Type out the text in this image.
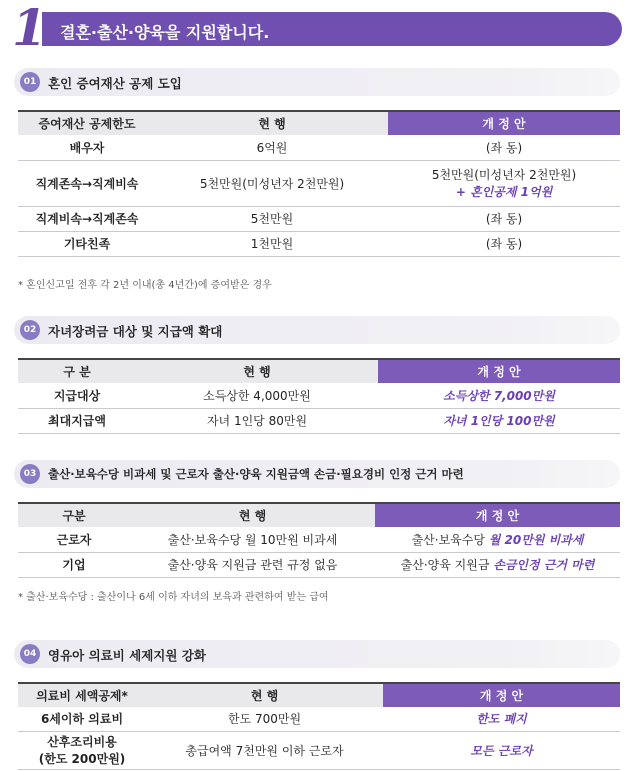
1 결혼·출산·양육을 지원합니다.
01 혼인 증여재산 공제 도입
증여재산 공제한도	현 행	개 정 안
배우자	6억원	(좌 동)
직계존속→직계비속	5천만원(미성년자 2천만원)	5천만원(미성년자 2천만원)
+ 혼인공제 1억원

직계비속→직계존속	5천만원	(좌 동)
기타친족	1천만원	(좌 동)
* 혼인신고일 전후 각 2년 이내(총 4년간)에 증여받은 경우
02 자녀장려금 대상 및 지급액 확대
구 분	현 행	개 정 안
지급대상	소득상한 4,000만원	소득상한 7,000만원
최대지급액	자녀 1인당 80만원	자녀 1인당 100만원
03	출산·보육수당 비과세 및 근로자 출산·양육 지원금액 손금·필요경비 인정 근거 마련
구분	현 행	개 정 안
근로자	출산·보육수당 월 10만원 비과세	출산·보육수당 월 20만원 비과세
기업	출산·양육 지원금 관련 규정 없음	출산·양육 지원금 손금인정 근거 마련
* 출산·보육수당 : 출산이나 6세 이하 자녀의 보육과 관련하여 받는 급여
04 영유아 의료비 세제지원 강화
의료비 세액공제*	현 행	개 정 안
6세이하 의료비	한도 700만원	한도 폐지

산후조리비용
(한도 200만원)	총급여액 7천만원 이하 근로자	모든 근로자
